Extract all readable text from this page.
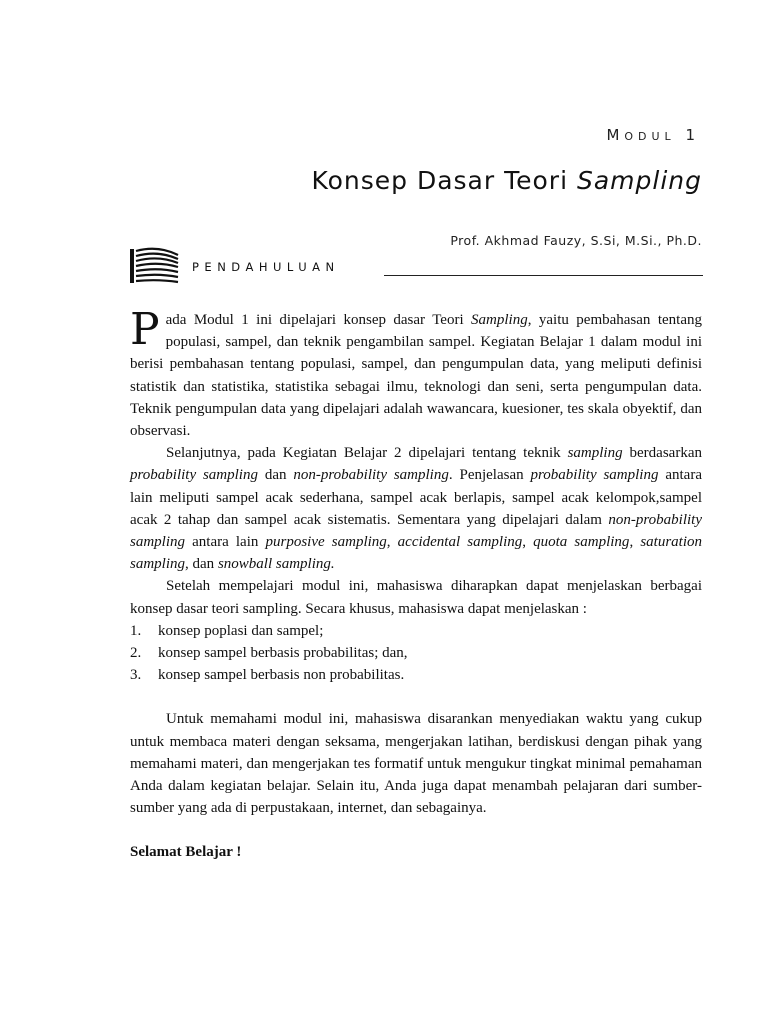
Modul 1
Konsep Dasar Teori Sampling
Prof. Akhmad Fauzy, S.Si, M.Si., Ph.D.
PENDAHULUAN

Pada Modul 1 ini dipelajari konsep dasar Teori Sampling, yaitu pembahasan tentang populasi, sampel, dan teknik pengambilan sampel. Kegiatan Belajar 1 dalam modul ini berisi pembahasan tentang populasi, sampel, dan pengumpulan data, yang meliputi definisi statistik dan statistika, statistika sebagai ilmu, teknologi dan seni, serta pengumpulan data. Teknik pengumpulan data yang dipelajari adalah wawancara, kuesioner, tes skala obyektif, dan observasi.

Selanjutnya, pada Kegiatan Belajar 2 dipelajari tentang teknik sampling berdasarkan probability sampling dan non-probability sampling. Penjelasan probability sampling antara lain meliputi sampel acak sederhana, sampel acak berlapis, sampel acak kelompok,sampel acak 2 tahap dan sampel acak sistematis. Sementara yang dipelajari dalam non-probability sampling antara lain purposive sampling, accidental sampling, quota sampling, saturation sampling, dan snowball sampling.

Setelah mempelajari modul ini, mahasiswa diharapkan dapat menjelaskan berbagai konsep dasar teori sampling. Secara khusus, mahasiswa dapat menjelaskan :

1.	konsep poplasi dan sampel;
2.	konsep sampel berbasis probabilitas; dan,
3.	konsep sampel berbasis non probabilitas.

Untuk memahami modul ini, mahasiswa disarankan menyediakan waktu yang cukup untuk membaca materi dengan seksama, mengerjakan latihan, berdiskusi dengan pihak yang memahami materi, dan mengerjakan tes formatif untuk mengukur tingkat minimal pemahaman Anda dalam kegiatan belajar. Selain itu, Anda juga dapat menambah pelajaran dari sumber-sumber yang ada di perpustakaan, internet, dan sebagainya.

Selamat Belajar !
